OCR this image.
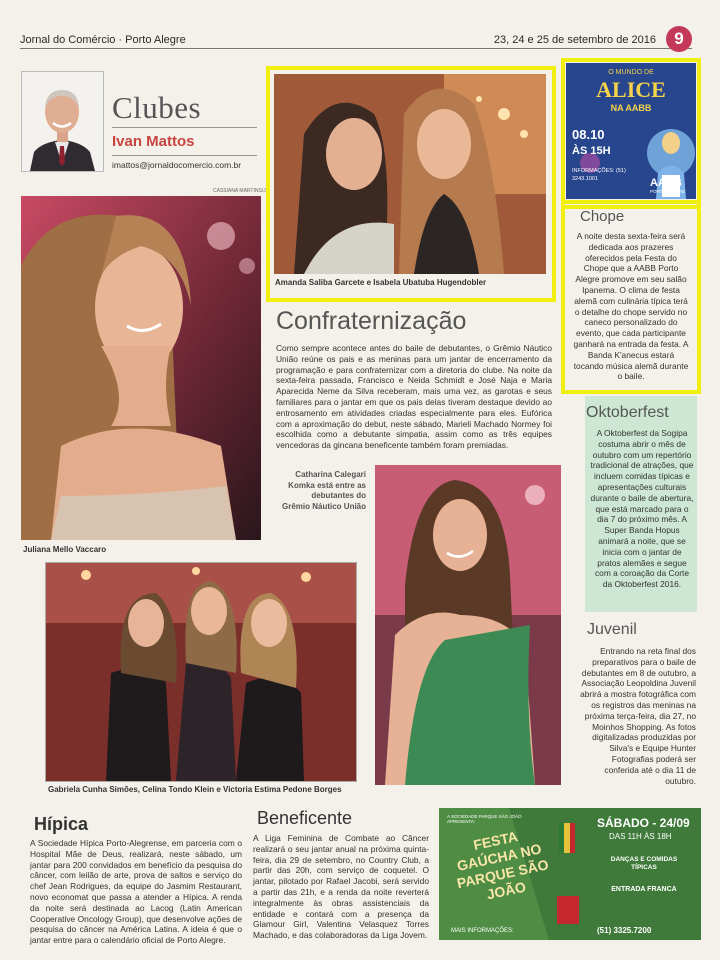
Jornal do Comércio · Porto Alegre	23, 24 e 25 de setembro de 2016	9
Clubes
Ivan Mattos
imattos@jornaldocomercio.com.br
CASSIANA MARTINS/JC
Juliana Mello Vaccaro
Amanda Saliba Garcete e Isabela Ubatuba Hugendobler
O MUNDO DE
ALICE
NA AABB
08.10
ÀS 15H
INFORMAÇÕES: (51) 3243.1001	AABB
PORTO ALEGRE
Chope
A noite desta sexta-feira será dedicada aos prazeres oferecidos pela Festa do Chope que a AABB Porto Alegre promove em seu salão Ipanema. O clima de festa alemã com culinária típica terá o detalhe do chope servido no caneco personalizado do evento, que cada participante ganhará na entrada da festa. A Banda K'anecus estará tocando música alemã durante o baile.
Confraternização
Como sempre acontece antes do baile de debutantes, o Grêmio Náutico União reúne os pais e as meninas para um jantar de encerramento da programação e para confraternizar com a diretoria do clube. Na noite da sexta-feira passada, Francisco e Neida Schmidt e José Naja e Maria Aparecida Neme da Silva receberam, mais uma vez, as garotas e seus familiares para o jantar em que os pais delas tiveram destaque devido ao entrosamento em atividades criadas especialmente para eles. Eufórica com a aproximação do debut, neste sábado, Marieli Machado Normey foi escolhida como a debutante simpatia, assim como as três equipes vencedoras da gincana beneficente também foram premiadas.
Catharina Calegari Komka está entre as debutantes do Grêmio Náutico União
Gabriela Cunha Simões, Celina Tondo Klein e Victoria Estima Pedone Borges
Oktoberfest
A Oktoberfest da Sogipa costuma abrir o mês de outubro com um repertório tradicional de atrações, que incluem comidas típicas e apresentações culturais durante o baile de abertura, que está marcado para o dia 7 do próximo mês. A Super Banda Hopus animará a noite, que se inicia com o jantar de pratos alemães e segue com a coroação da Corte da Oktoberfest 2016.
Juvenil
Entrando na reta final dos preparativos para o baile de debutantes em 8 de outubro, a Associação Leopoldina Juvenil abrirá a mostra fotográfica com os registros das meninas na próxima terça-feira, dia 27, no Moinhos Shopping. As fotos digitalizadas produzidas por Silva's e Equipe Hunter Fotografias poderá ser conferida até o dia 11 de outubro.
Hípica
A Sociedade Hípica Porto-Alegrense, em parceria com o Hospital Mãe de Deus, realizará, neste sábado, um jantar para 200 convidados em benefício da pesquisa do câncer, com leilão de arte, prova de saltos e serviço do chef Jean Rodrigues, da equipe do Jasmim Restaurant, novo economat que passa a atender a Hípica. A renda da noite será destinada ao Lacog (Latin American Cooperative Oncology Group), que desenvolve ações de pesquisa do câncer na América Latina. A ideia é que o jantar entre para o calendário oficial de Porto Alegre.
Beneficente
A Liga Feminina de Combate ao Câncer realizará o seu jantar anual na próxima quinta-feira, dia 29 de setembro, no Country Club, a partir das 20h, com serviço de coquetel. O jantar, pilotado por Rafael Jacobi, será servido a partir das 21h, e a renda da noite reverterá integralmente às obras assistenciais da entidade e contará com a presença da Glamour Girl, Valentina Velasquez Torres Machado, e das colaboradoras da Liga Jovem.
A SOCIEDADE PARQUE SÃO JOÃO APRESENTA:
FESTA GAÚCHA NO PARQUE SÃO JOÃO
SÁBADO - 24/09
DAS 11H ÀS 18H
DANÇAS E COMIDAS TÍPICAS
ENTRADA FRANCA
MAIS INFORMAÇÕES:	(51) 3325.7200
